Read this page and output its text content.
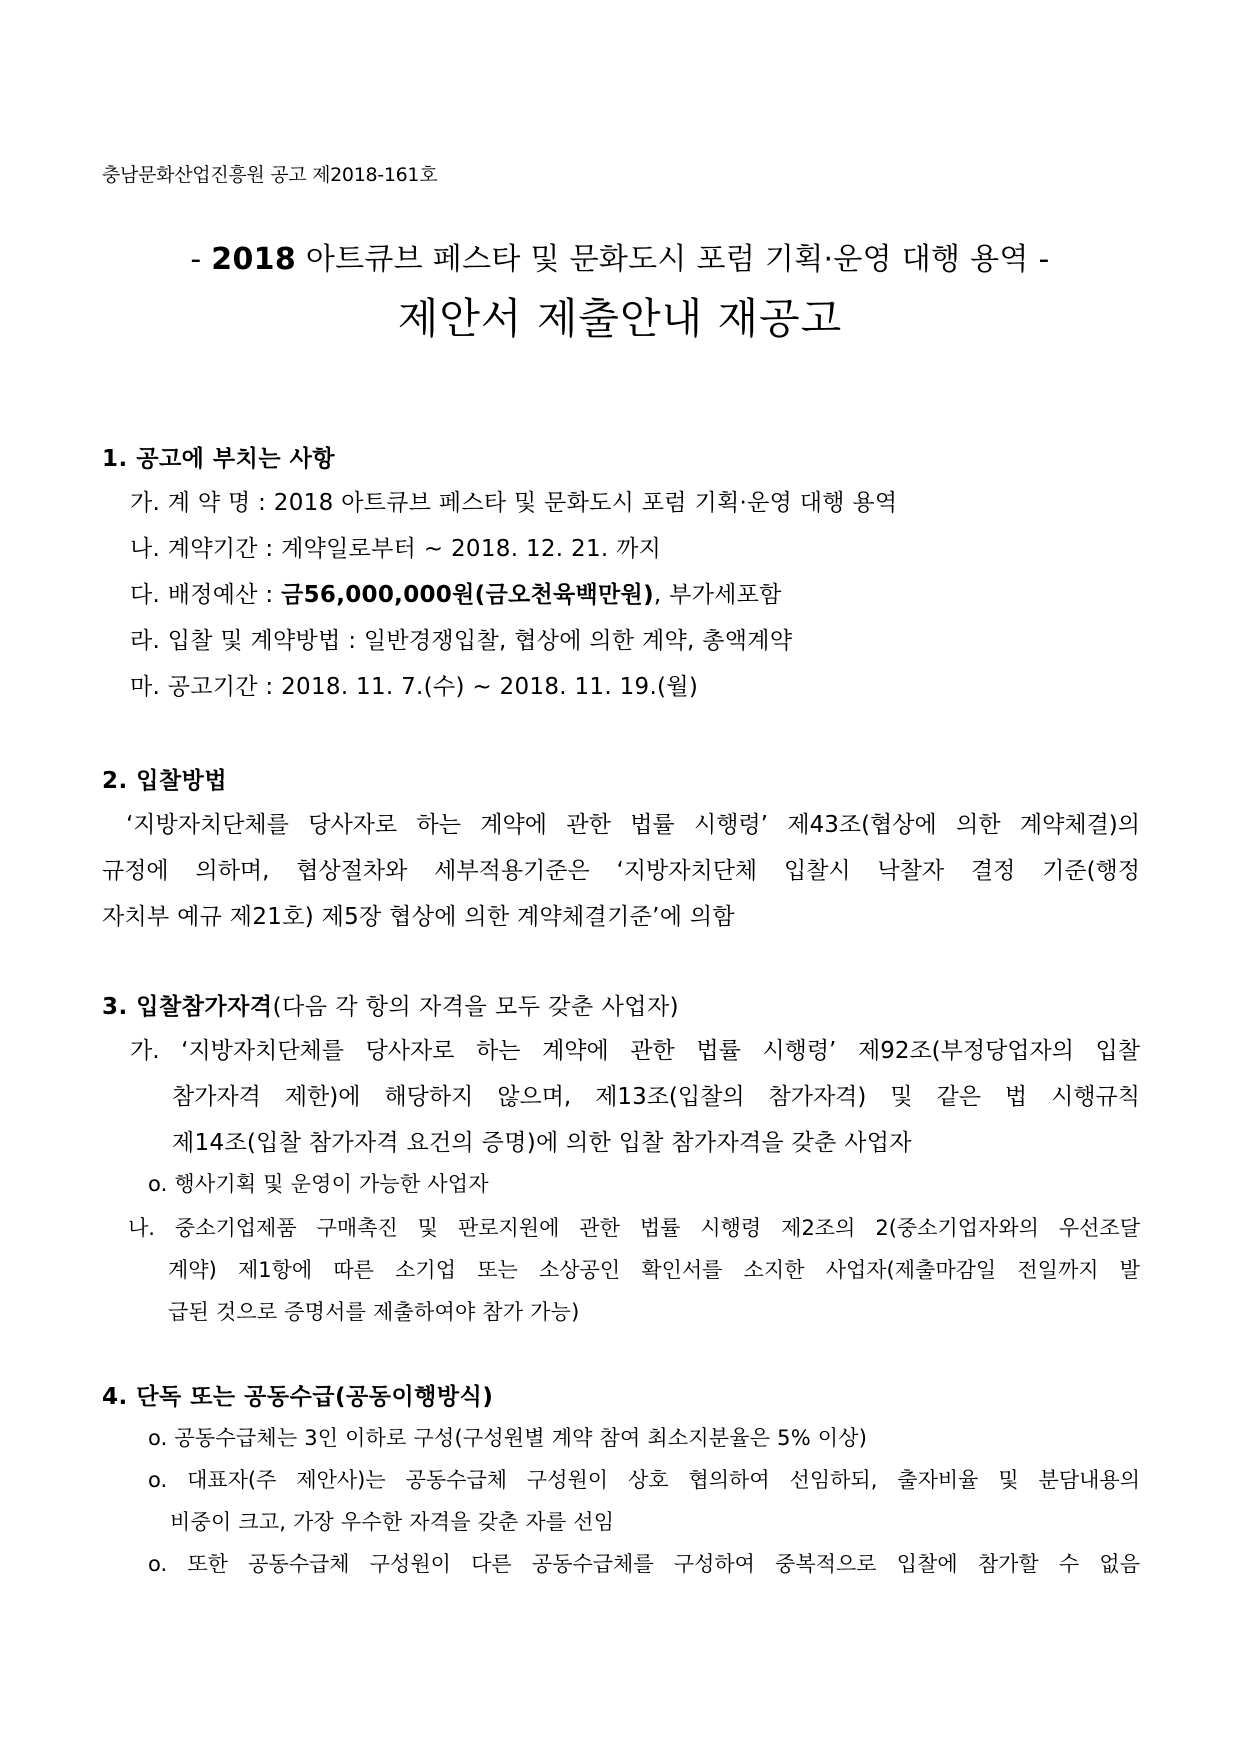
충남문화산업진흥원 공고 제2018-161호
- 2018 아트큐브 페스타 및 문화도시 포럼 기획·운영 대행 용역 -
제안서 제출안내 재공고
1. 공고에 부치는 사항
가. 계 약 명 : 2018 아트큐브 페스타 및 문화도시 포럼 기획·운영 대행 용역
나. 계약기간 : 계약일로부터 ~ 2018. 12. 21. 까지
다. 배정예산 : 금56,000,000원(금오천육백만원), 부가세포함
라. 입찰 및 계약방법 : 일반경쟁입찰, 협상에 의한 계약, 총액계약
마. 공고기간 : 2018. 11. 7.(수) ~ 2018. 11. 19.(월)
2. 입찰방법
‘지방자치단체를 당사자로 하는 계약에 관한 법률 시행령’ 제43조(협상에 의한 계약체결)의
규정에 의하며, 협상절차와 세부적용기준은 ‘지방자치단체 입찰시 낙찰자 결정 기준(행정
자치부 예규 제21호) 제5장 협상에 의한 계약체결기준’에 의함
3. 입찰참가자격(다음 각 항의 자격을 모두 갖춘 사업자)
가. ‘지방자치단체를 당사자로 하는 계약에 관한 법률 시행령’ 제92조(부정당업자의 입찰
참가자격 제한)에 해당하지 않으며, 제13조(입찰의 참가자격) 및 같은 법 시행규칙
제14조(입찰 참가자격 요건의 증명)에 의한 입찰 참가자격을 갖춘 사업자
o. 행사기획 및 운영이 가능한 사업자
나. 중소기업제품 구매촉진 및 판로지원에 관한 법률 시행령 제2조의 2(중소기업자와의 우선조달
계약) 제1항에 따른 소기업 또는 소상공인 확인서를 소지한 사업자(제출마감일 전일까지 발
급된 것으로 증명서를 제출하여야 참가 가능)
4. 단독 또는 공동수급(공동이행방식)
o. 공동수급체는 3인 이하로 구성(구성원별 계약 참여 최소지분율은 5% 이상)
o. 대표자(주 제안사)는 공동수급체 구성원이 상호 협의하여 선임하되, 출자비율 및 분담내용의
비중이 크고, 가장 우수한 자격을 갖춘 자를 선임
o. 또한 공동수급체 구성원이 다른 공동수급체를 구성하여 중복적으로 입찰에 참가할 수 없음
